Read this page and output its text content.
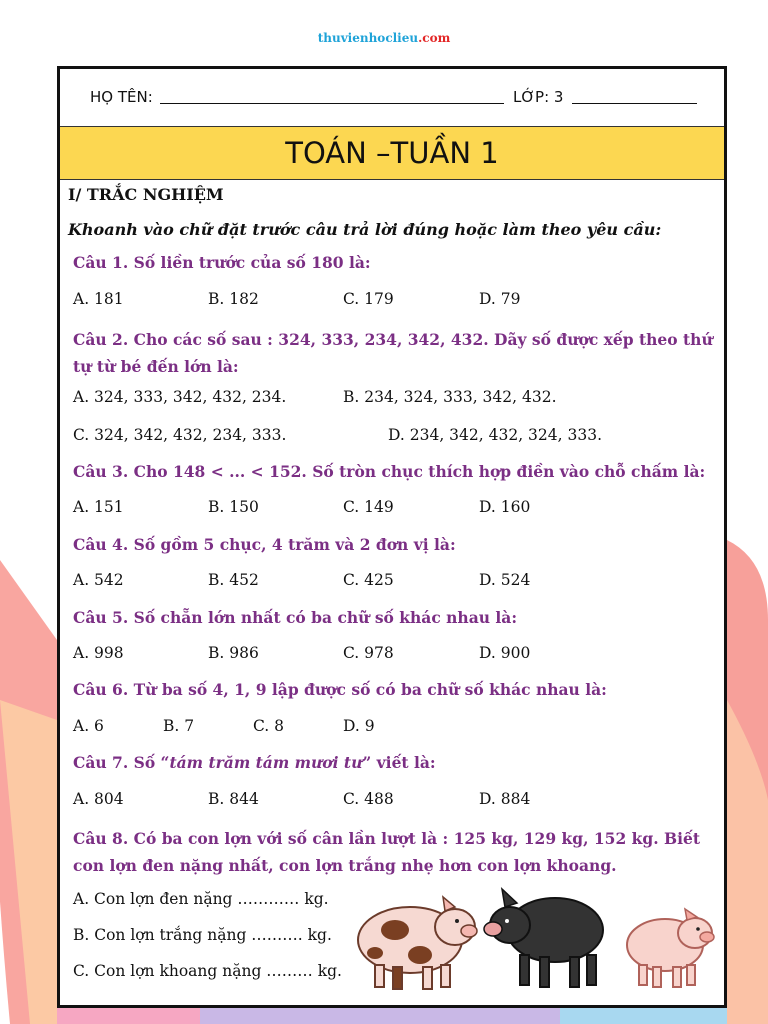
thuvienhoclieu.com
HỌ TÊN:	LỚP: 3
TOÁN –TUẦN 1
I/ TRẮC NGHIỆM
Khoanh vào chữ đặt trước câu trả lời đúng hoặc làm theo yêu cầu:
Câu 1. Số liền trước của số 180 là:
A. 181	B. 182	C. 179	D. 79
Câu 2. Cho các số sau : 324, 333, 234, 342, 432. Dãy số được xếp theo thứ tự từ bé đến lớn là:
A. 324, 333, 342, 432, 234.	B. 234, 324, 333, 342, 432.
C. 324, 342, 432, 234, 333.	D. 234, 342, 432, 324, 333.
Câu 3. Cho 148 < ... < 152. Số tròn chục thích hợp điền vào chỗ chấm là:
A. 151	B. 150	C. 149	D. 160
Câu 4. Số gồm 5 chục, 4 trăm và 2 đơn vị là:
A. 542	B. 452	C. 425	D. 524
Câu 5. Số chẵn lớn nhất có ba chữ số khác nhau là:
A. 998	B. 986	C. 978	D. 900
Câu 6. Từ ba số 4, 1, 9 lập được số có ba chữ số khác nhau là:
A. 6	B. 7	C. 8	D. 9
Câu 7. Số “tám trăm tám mươi tư” viết là:
A. 804	B. 844	C. 488	D. 884
Câu 8. Có ba con lợn với số cân lần lượt là : 125 kg, 129 kg, 152 kg. Biết con lợn đen nặng nhất, con lợn trắng nhẹ hơn con lợn khoang.
A. Con lợn đen nặng ………… kg.
B. Con lợn trắng nặng ………. kg.
C. Con lợn khoang nặng ……… kg.
